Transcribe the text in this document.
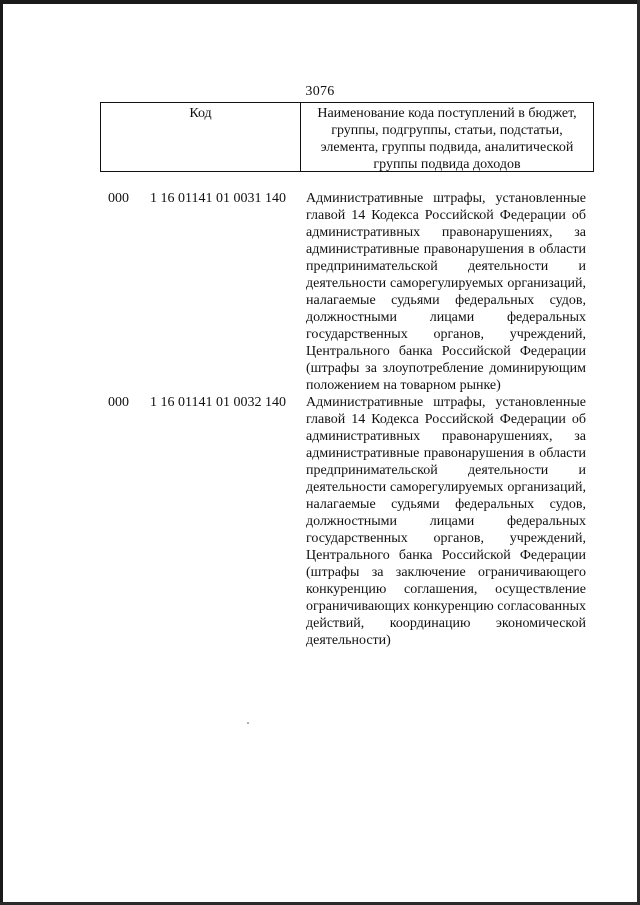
3076
Код	Наименование кода поступлений в бюджет, группы, подгруппы, статьи, подстатьи, элемента, группы подвида, аналитической группы подвида доходов
000 1 16 01141 01 0031 140 Административные штрафы, установленные главой 14 Кодекса Российской Федерации об административных правонарушениях, за административные правонарушения в области предпринимательской деятельности и деятельности саморегулируемых организаций, налагаемые судьями федеральных судов, должностными лицами федеральных государственных органов, учреждений, Центрального банка Российской Федерации (штрафы за злоупотребление доминирующим положением на товарном рынке)
000 1 16 01141 01 0032 140 Административные штрафы, установленные главой 14 Кодекса Российской Федерации об административных правонарушениях, за административные правонарушения в области предпринимательской деятельности и деятельности саморегулируемых организаций, налагаемые судьями федеральных судов, должностными лицами федеральных государственных органов, учреждений, Центрального банка Российской Федерации (штрафы за заключение ограничивающего конкуренцию соглашения, осуществление ограничивающих конкуренцию согласованных действий, координацию экономической деятельности)
